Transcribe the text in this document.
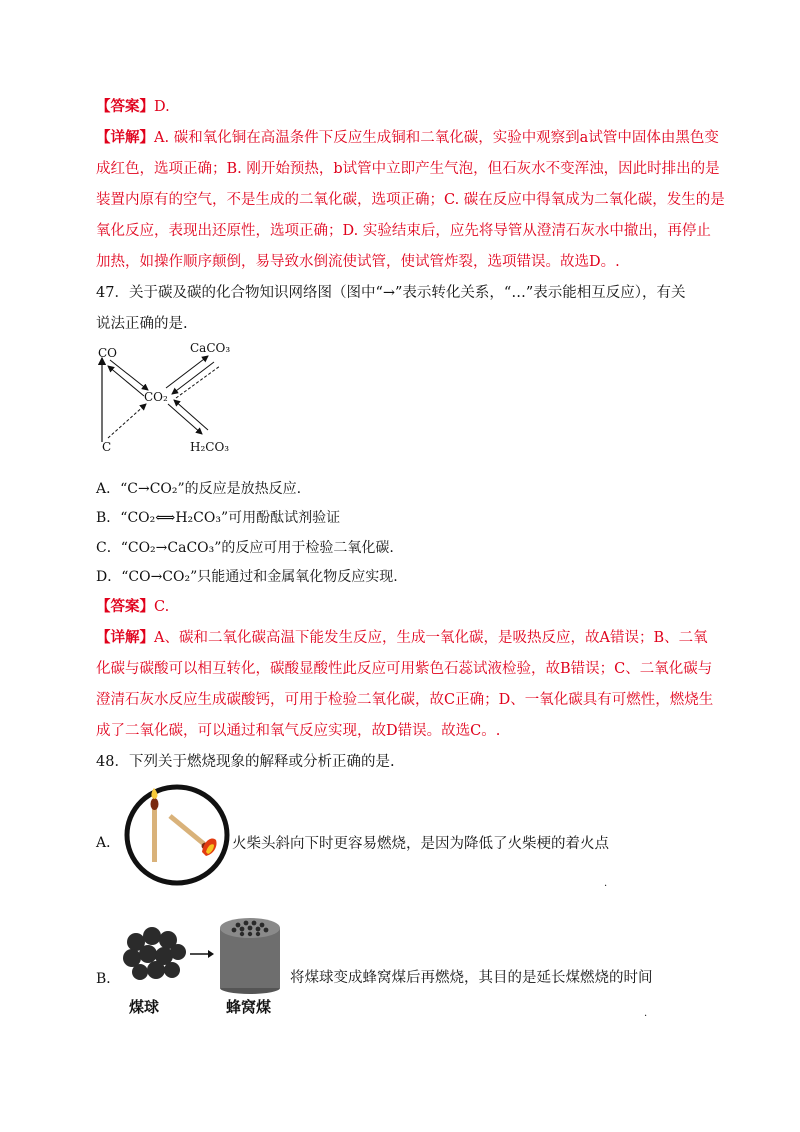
【答案】D.
【详解】A. 碳和氧化铜在高温条件下反应生成铜和二氧化碳，实验中观察到a试管中固体由黑色变
成红色，选项正确；B. 刚开始预热，b试管中立即产生气泡，但石灰水不变浑浊，因此时排出的是
装置内原有的空气，不是生成的二氧化碳，选项正确；C. 碳在反应中得氧成为二氧化碳，发生的是
氧化反应，表现出还原性，选项正确；D. 实验结束后，应先将导管从澄清石灰水中撤出，再停止
加热，如操作顺序颠倒，易导致水倒流使试管，使试管炸裂，选项错误。故选D。.
47．关于碳及碳的化合物知识网络图（图中“→”表示转化关系，“…”表示能相互反应），有关
说法正确的是.
CO	CaCO₃
CO₂
C	H₂CO₃
A．“C→CO₂”的反应是放热反应.
B．“CO₂⟺H₂CO₃”可用酚酞试剂验证
C．“CO₂→CaCO₃”的反应可用于检验二氧化碳.
D．“CO→CO₂”只能通过和金属氧化物反应实现.
【答案】C.
【详解】A、碳和二氧化碳高温下能发生反应，生成一氧化碳，是吸热反应，故A错误；B、二氧
化碳与碳酸可以相互转化，碳酸显酸性此反应可用紫色石蕊试液检验，故B错误；C、二氧化碳与
澄清石灰水反应生成碳酸钙，可用于检验二氧化碳，故C正确；D、一氧化碳具有可燃性，燃烧生
成了二氧化碳，可以通过和氧气反应实现，故D错误。故选C。.
48．下列关于燃烧现象的解释或分析正确的是.
A．	火柴头斜向下时更容易燃烧，是因为降低了火柴梗的着火点
.
B．
煤球	蜂窝煤
将煤球变成蜂窝煤后再燃烧，其目的是延长煤燃烧的时间
.
